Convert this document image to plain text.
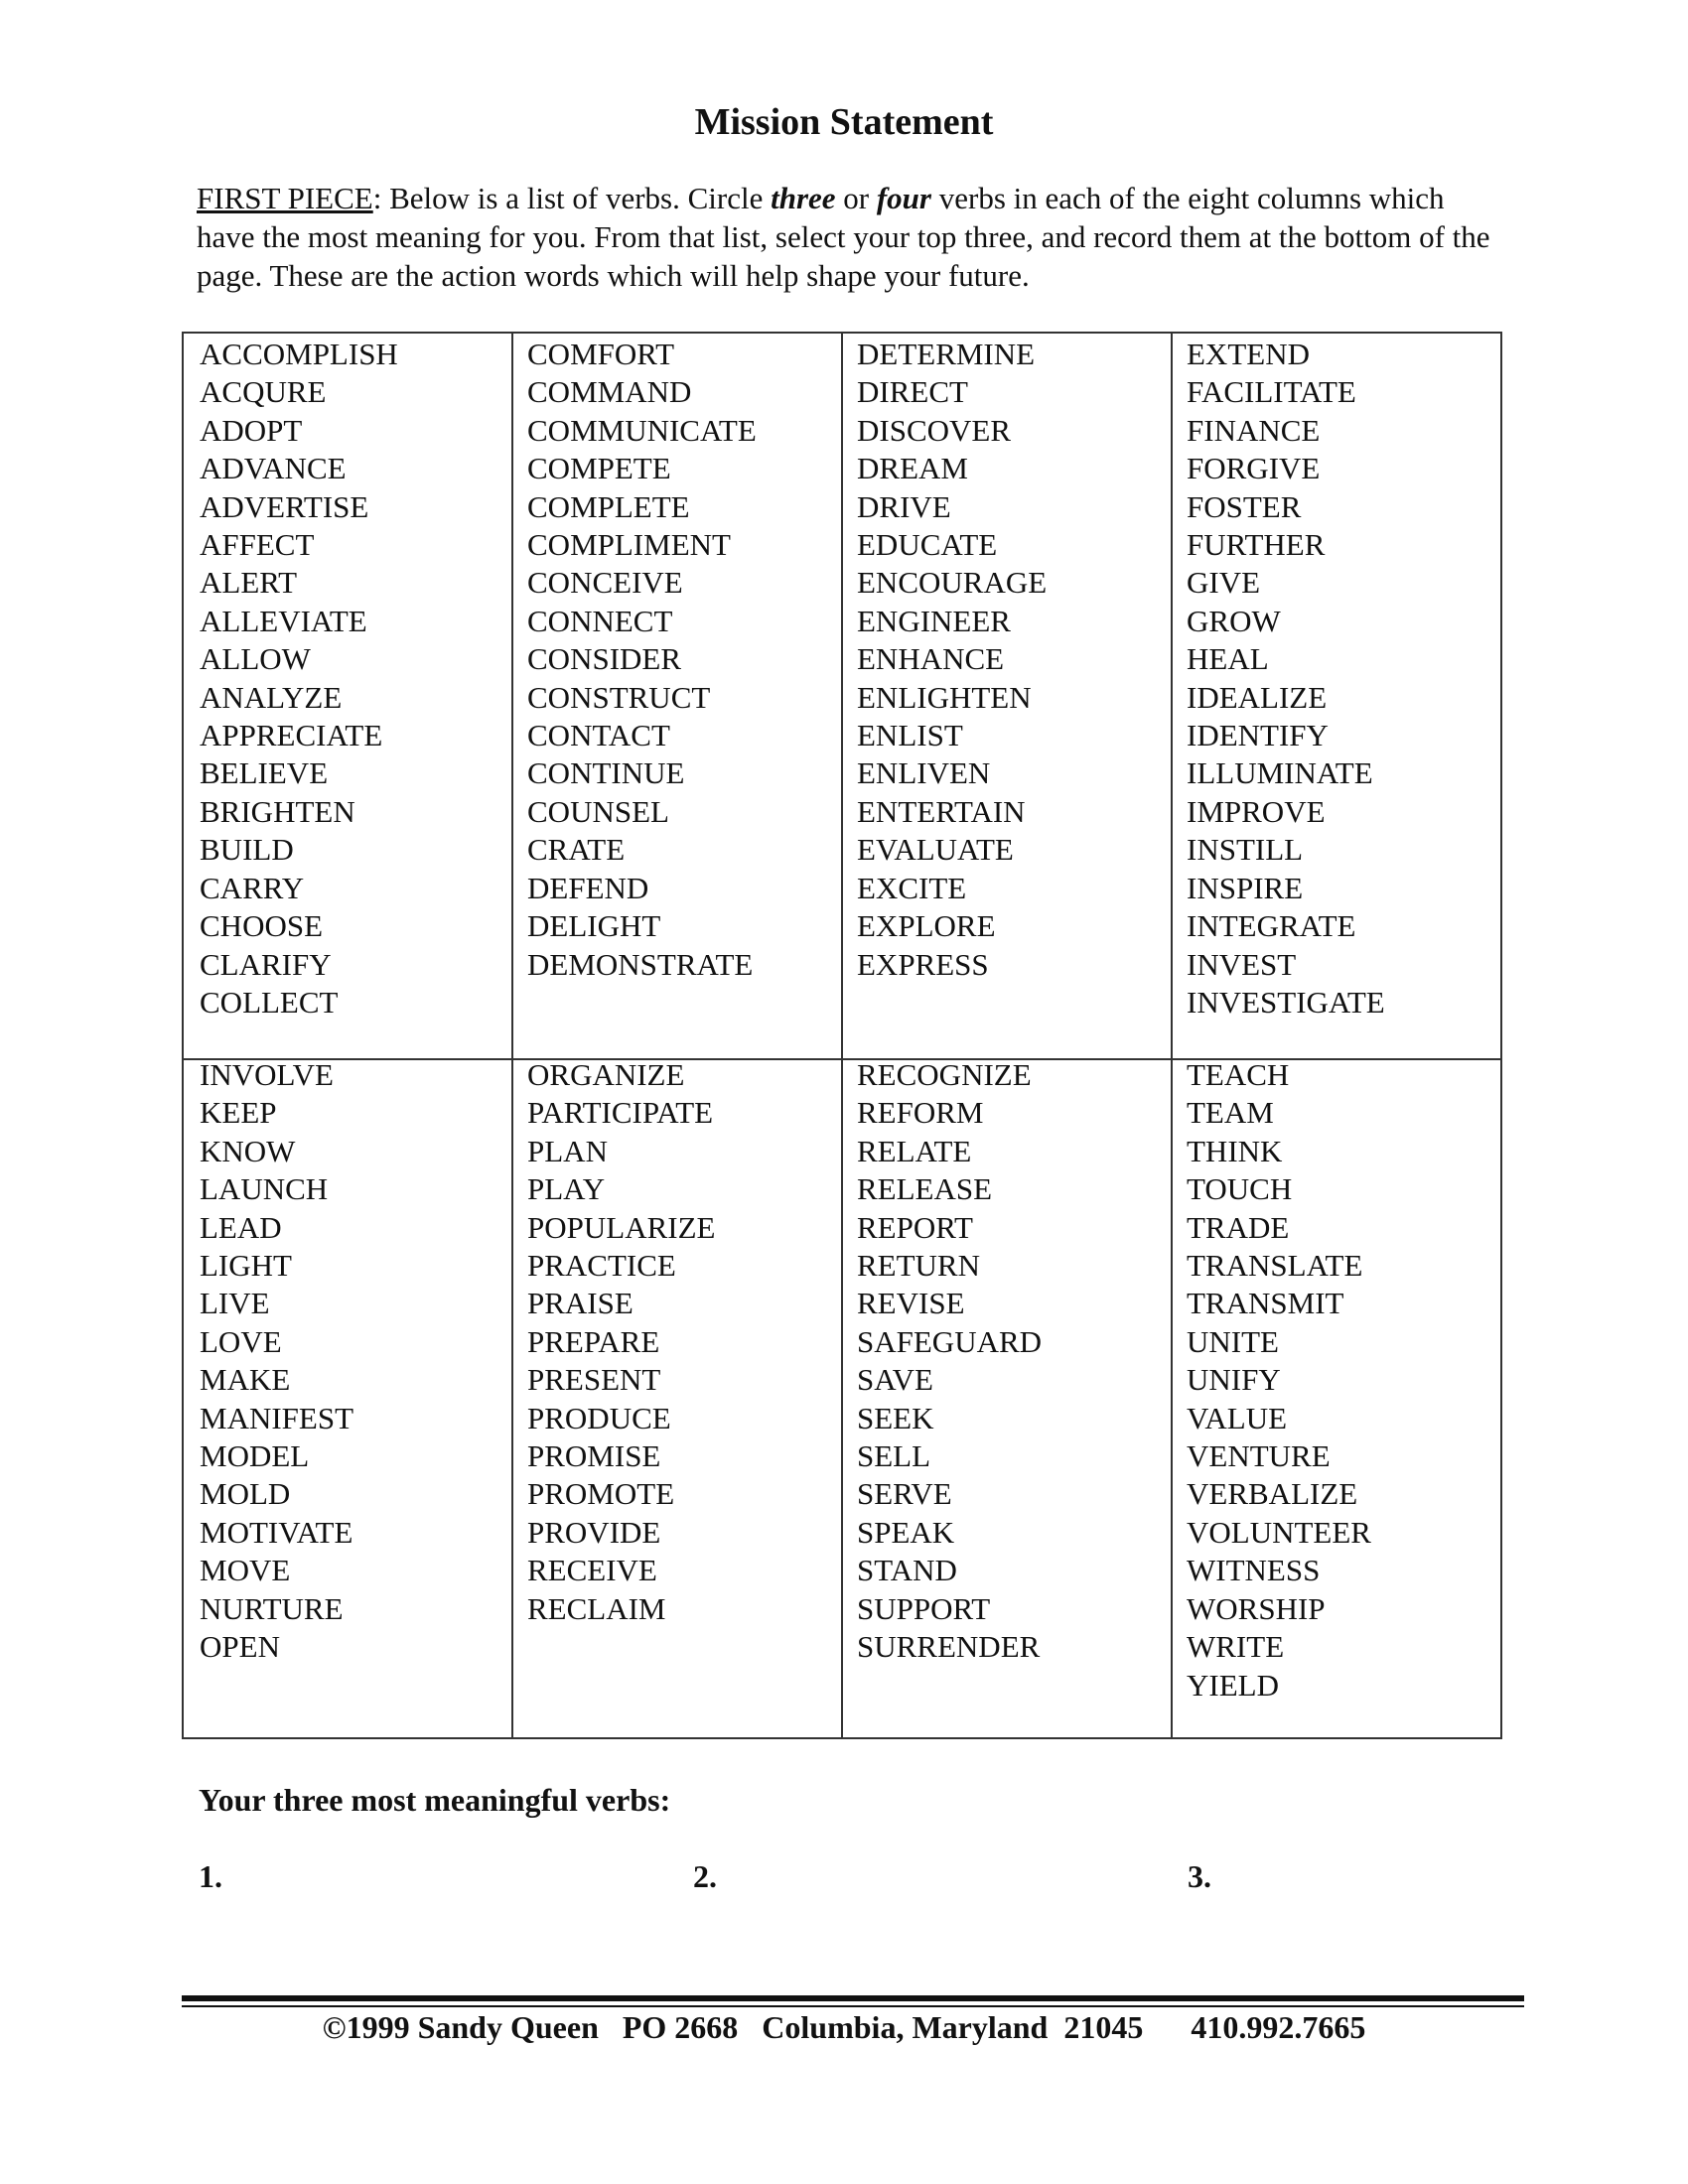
Mission Statement
FIRST PIECE: Below is a list of verbs. Circle three or four verbs in each of the eight columns which have the most meaning for you. From that list, select your top three, and record them at the bottom of the page. These are the action words which will help shape your future.
ACCOMPLISH
ACQURE
ADOPT
ADVANCE
ADVERTISE
AFFECT
ALERT
ALLEVIATE
ALLOW
ANALYZE
APPRECIATE
BELIEVE
BRIGHTEN
BUILD
CARRY
CHOOSE
CLARIFY
COLLECT
COMFORT
COMMAND
COMMUNICATE
COMPETE
COMPLETE
COMPLIMENT
CONCEIVE
CONNECT
CONSIDER
CONSTRUCT
CONTACT
CONTINUE
COUNSEL
CRATE
DEFEND
DELIGHT
DEMONSTRATE
DETERMINE
DIRECT
DISCOVER
DREAM
DRIVE
EDUCATE
ENCOURAGE
ENGINEER
ENHANCE
ENLIGHTEN
ENLIST
ENLIVEN
ENTERTAIN
EVALUATE
EXCITE
EXPLORE
EXPRESS
EXTEND
FACILITATE
FINANCE
FORGIVE
FOSTER
FURTHER
GIVE
GROW
HEAL
IDEALIZE
IDENTIFY
ILLUMINATE
IMPROVE
INSTILL
INSPIRE
INTEGRATE
INVEST
INVESTIGATE
INVOLVE
KEEP
KNOW
LAUNCH
LEAD
LIGHT
LIVE
LOVE
MAKE
MANIFEST
MODEL
MOLD
MOTIVATE
MOVE
NURTURE
OPEN
ORGANIZE
PARTICIPATE
PLAN
PLAY
POPULARIZE
PRACTICE
PRAISE
PREPARE
PRESENT
PRODUCE
PROMISE
PROMOTE
PROVIDE
RECEIVE
RECLAIM
RECOGNIZE
REFORM
RELATE
RELEASE
REPORT
RETURN
REVISE
SAFEGUARD
SAVE
SEEK
SELL
SERVE
SPEAK
STAND
SUPPORT
SURRENDER
TEACH
TEAM
THINK
TOUCH
TRADE
TRANSLATE
TRANSMIT
UNITE
UNIFY
VALUE
VENTURE
VERBALIZE
VOLUNTEER
WITNESS
WORSHIP
WRITE
YIELD
Your three most meaningful verbs:
1.	2.	3.
©1999 Sandy Queen   PO 2668   Columbia, Maryland  21045      410.992.7665
